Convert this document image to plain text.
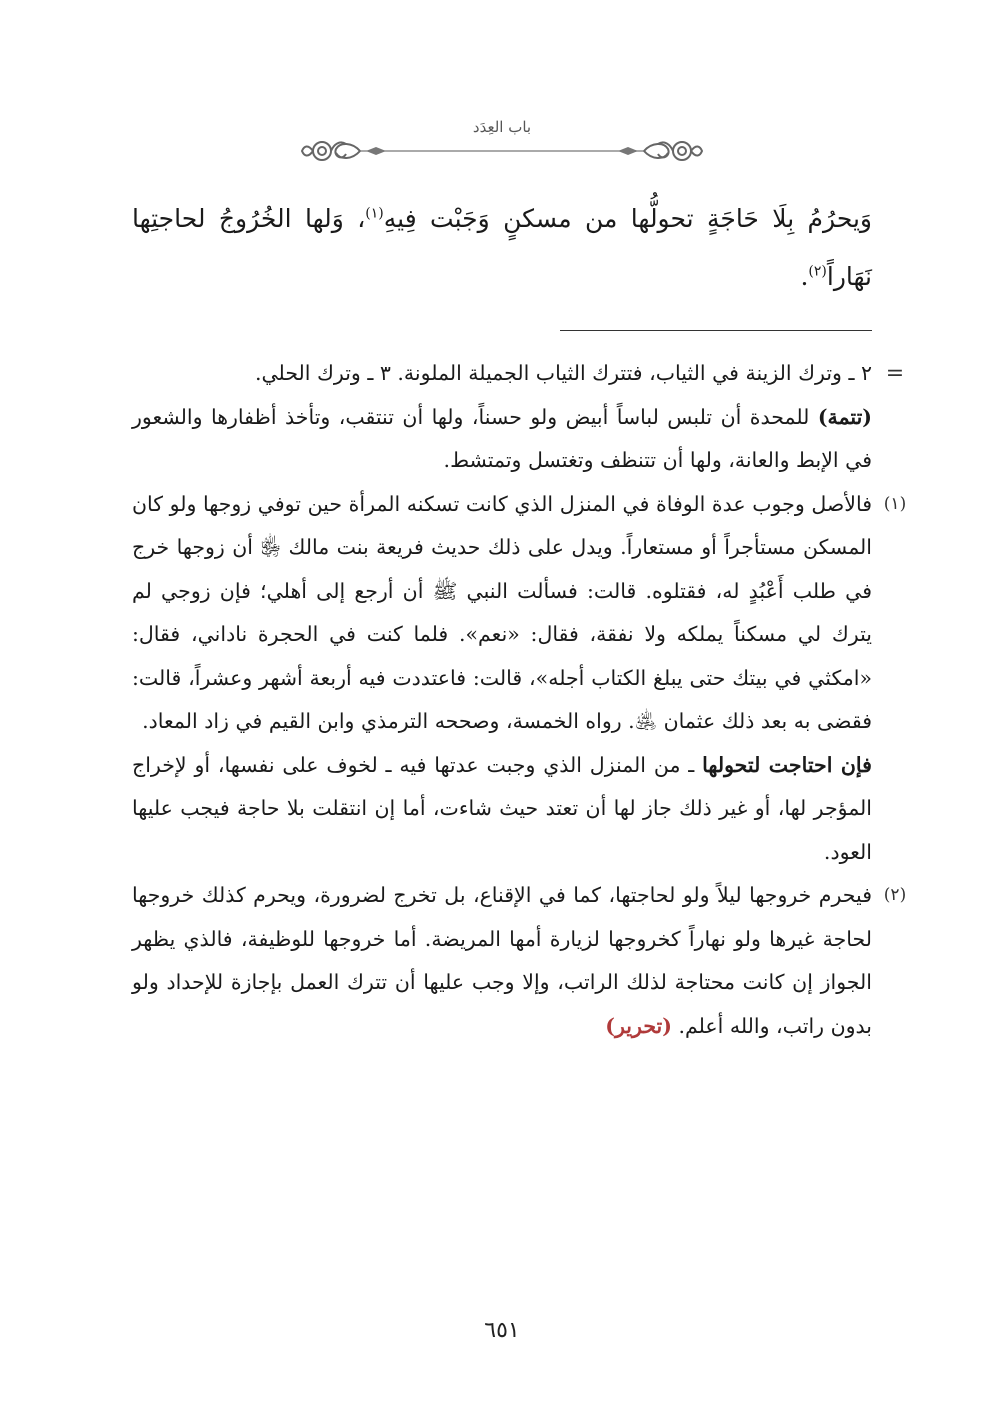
باب العِدَد
وَيحرُمُ بِلَا حَاجَةٍ تحولُّها من مسكنٍ وَجَبْت فِيهِ$^{(١)}$، وَلها الخُرُوجُ لحاجتِها نَهَاراً$^{(٢)}$.
=
٢ ـ وترك الزينة في الثياب، فتترك الثياب الجميلة الملونة. ٣ ـ وترك الحلي.
(تتمة) للمحدة أن تلبس لباساً أبيض ولو حسناً، ولها أن تنتقب، وتأخذ أظفارها والشعور في الإبط والعانة، ولها أن تتنظف وتغتسل وتمتشط.
(١)
فالأصل وجوب عدة الوفاة في المنزل الذي كانت تسكنه المرأة حين توفي زوجها ولو كان المسكن مستأجراً أو مستعاراً. ويدل على ذلك حديث فريعة بنت مالك ﵂ أن زوجها خرج في طلب أَعْبُدٍ له، فقتلوه. قالت: فسألت النبي ﷺ أن أرجع إلى أهلي؛ فإن زوجي لم يترك لي مسكناً يملكه ولا نفقة، فقال: «نعم». فلما كنت في الحجرة ناداني، فقال: «امكثي في بيتك حتى يبلغ الكتاب أجله»، قالت: فاعتددت فيه أربعة أشهر وعشراً، قالت: فقضى به بعد ذلك عثمان ﵁. رواه الخمسة، وصححه الترمذي وابن القيم في زاد المعاد.
فإن احتاجت لتحولها ـ من المنزل الذي وجبت عدتها فيه ـ لخوف على نفسها، أو لإخراج المؤجر لها، أو غير ذلك جاز لها أن تعتد حيث شاءت، أما إن انتقلت بلا حاجة فيجب عليها العود.
(٢)
فيحرم خروجها ليلاً ولو لحاجتها، كما في الإقناع، بل تخرج لضرورة، ويحرم كذلك خروجها لحاجة غيرها ولو نهاراً كخروجها لزيارة أمها المريضة. أما خروجها للوظيفة، فالذي يظهر الجواز إن كانت محتاجة لذلك الراتب، وإلا وجب عليها أن تترك العمل بإجازة للإحداد ولو بدون راتب، والله أعلم. (تحرير)
٦٥١
